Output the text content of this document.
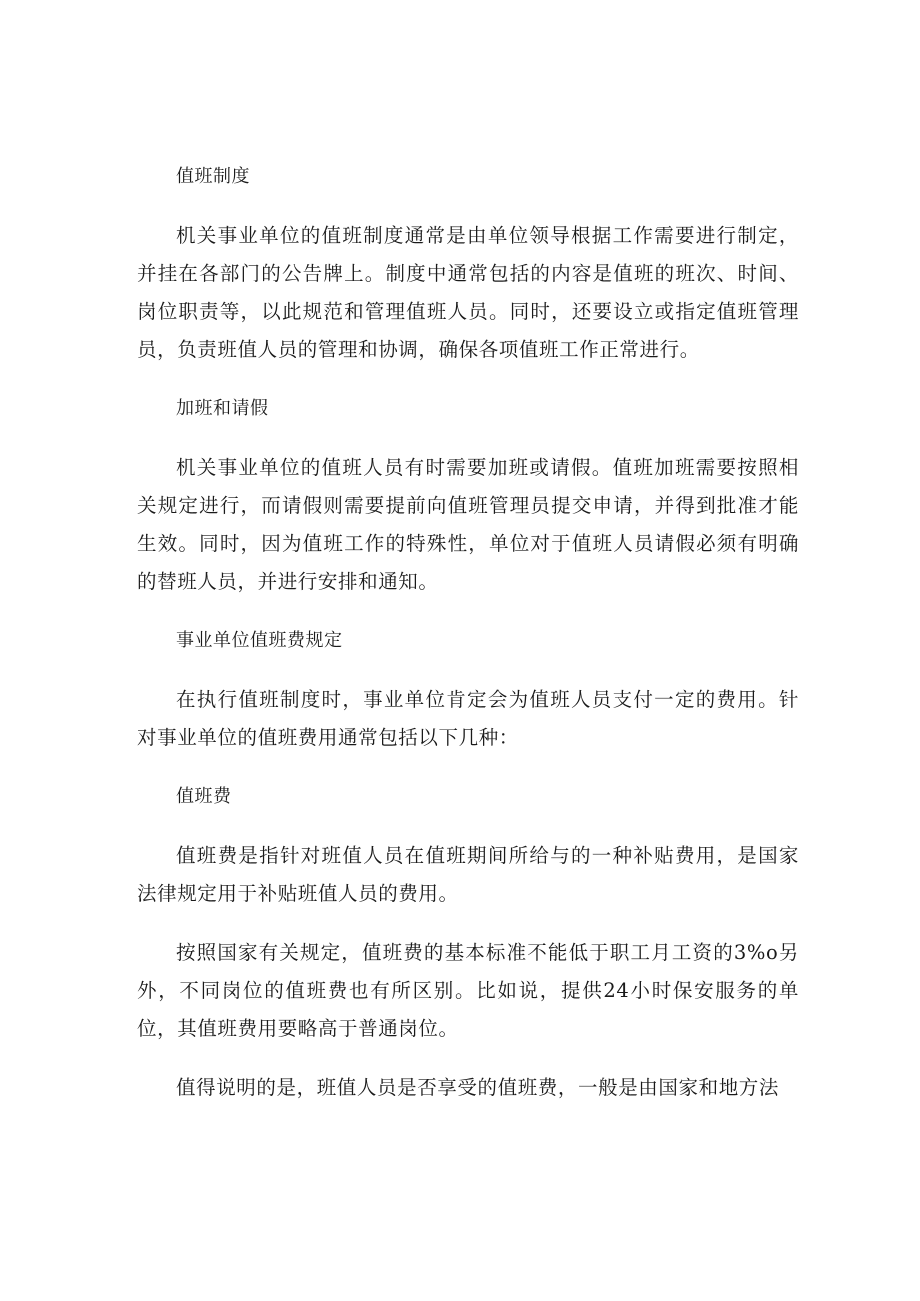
值班制度

机关事业单位的值班制度通常是由单位领导根据工作需要进行制定，并挂在各部门的公告牌上。制度中通常包括的内容是值班的班次、时间、岗位职责等，以此规范和管理值班人员。同时，还要设立或指定值班管理员，负责班值人员的管理和协调，确保各项值班工作正常进行。

加班和请假

机关事业单位的值班人员有时需要加班或请假。值班加班需要按照相关规定进行，而请假则需要提前向值班管理员提交申请，并得到批准才能生效。同时，因为值班工作的特殊性，单位对于值班人员请假必须有明确的替班人员，并进行安排和通知。

事业单位值班费规定

在执行值班制度时，事业单位肯定会为值班人员支付一定的费用。针对事业单位的值班费用通常包括以下几种：

值班费

值班费是指针对班值人员在值班期间所给与的一种补贴费用，是国家法律规定用于补贴班值人员的费用。

按照国家有关规定，值班费的基本标准不能低于职工月工资的3%o另外，不同岗位的值班费也有所区别。比如说，提供24小时保安服务的单位，其值班费用要略高于普通岗位。

值得说明的是，班值人员是否享受的值班费，一般是由国家和地方法
